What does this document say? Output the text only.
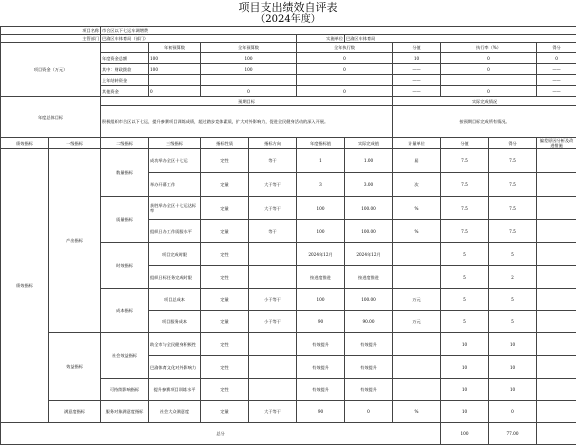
项目支出绩效自评表
（2024年度）
项目名称		市合区以下七运车调增费									
主管部门		巴渝区车体育局（部门）				实施单位	巴渝区车体育局				
项目资金（万元）			年初预算数	全年预算数		全年执行数		分值	执行率（%）		得分
		年度资金总额	100	100		0		10	0		0
		其中：财政拨款	100	100		0		——	0		——
		上年结转资金						——			——
		其他资金	0	0		0		——	0		——
年度总体目标		预期目标						实际完成情况			
		积极组织市合区以下七运，提升参赛项目训练成绩，超过踏步竞体素质，扩大对外影响力，促进全民健身活动的深入开展。						按预期目标完成所有情况。			
绩效指标	一级指标	二级指标	三级指标	指标性质	指标方向	年度指标值	实际完成值	计量单位	分值	得分	偏差原因分析及改进措施
绩效指标	产出指标	数量指标	成功举办全区十七运	定性	等于	1	1.00	届	7.5	7.5	
			举办开幕工作	定量	大于等于	3	3.00	次	7.5	7.5	
		质量指标	获胜举办全区十七运达标率	定量	大于等于	100	100.00	%	7.5	7.5	
			组织日办工作质服水平	定量	等于	100	100.00	%	7.5	7.5	
		时效指标	项目完成时限	定性		2024年12月	2024年12月		5	5	
			组织日标任务完成时限	定性		按进度推进	按进度推进		5	2	
		成本指标	项目总成本	定量	小于等于	100	100.00	万元	5	5	
			项目服务成本	定量	小于等于	90	90.00	万元	5	5	
	效益指标	社会效益指标	助全市与全民健身积极性	定性		有效提升	有效提升		10	10	
			巴渝体育文化对外影响力	定性		有效提升	有效提升		10	10	
		可持续影响指标	提升参赛项目训练水平	定性		有效提升	有效提升		10	10	
	满意度指标	服务对象满意度指标	社会大众满意度	定量	大于等于	90	0	%	10	0	
总分									100	77.00	
